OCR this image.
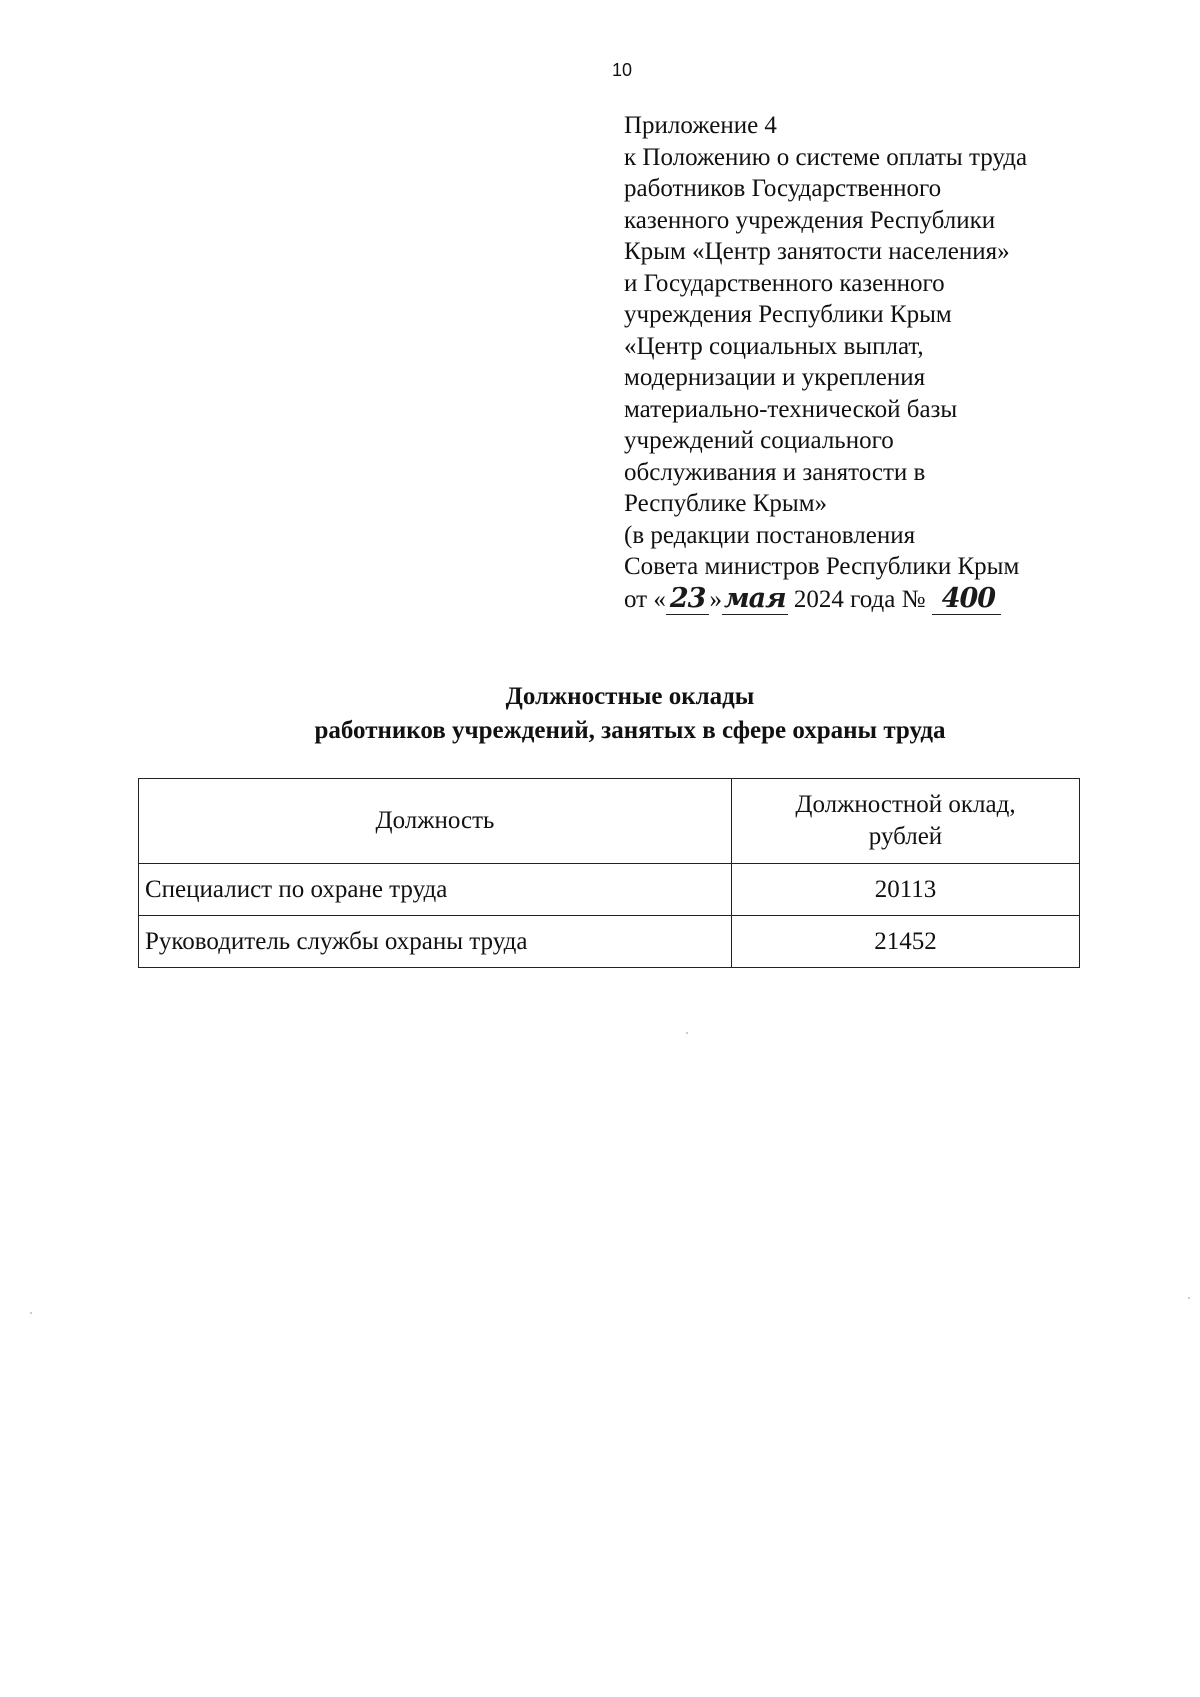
10
Приложение 4
к Положению о системе оплаты труда
работников Государственного
казенного учреждения Республики
Крым «Центр занятости населения»
и Государственного казенного
учреждения Республики Крым
«Центр социальных выплат,
модернизации и укрепления
материально-технической базы
учреждений социального
обслуживания и занятости в
Республике Крым»
(в редакции постановления
Совета министров Республики Крым
от « 23 »мая 2024 года № 400
Должностные оклады
работников учреждений, занятых в сфере охраны труда
Должность	Должностной оклад,
рублей

Специалист по охране труда	20113
Руководитель службы охраны труда	21452
